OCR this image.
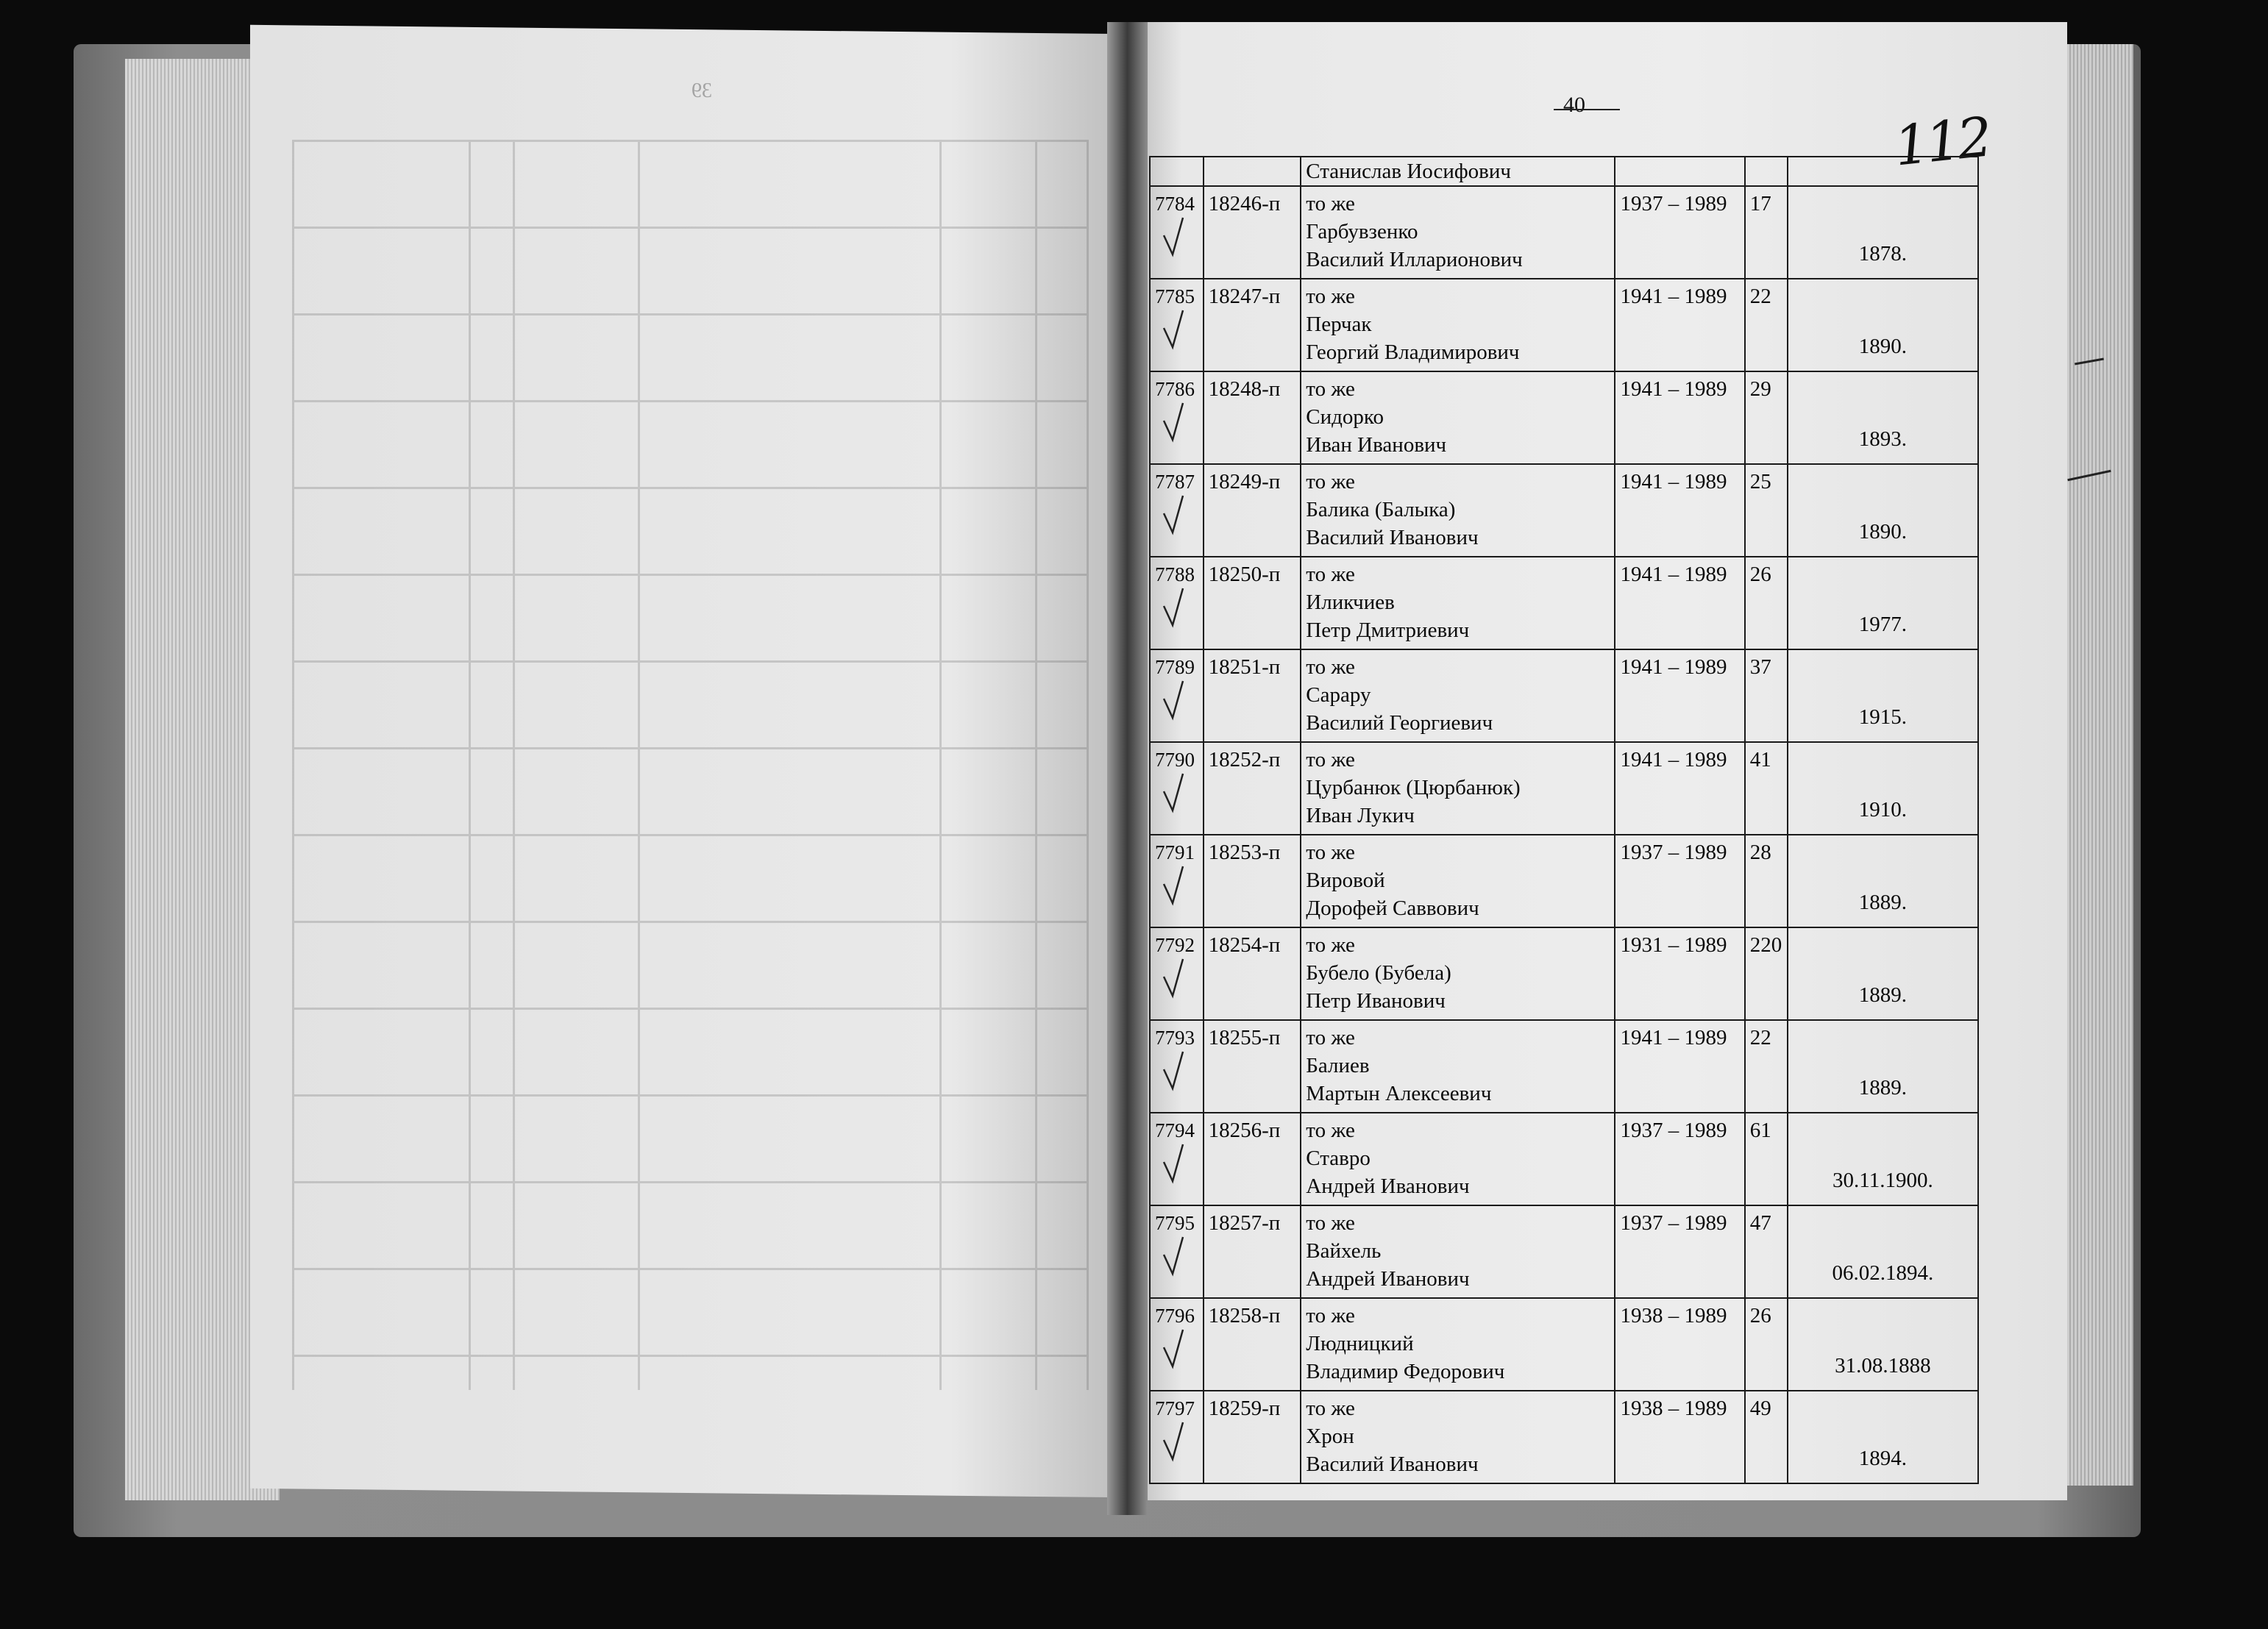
39
40
112
		Станислав Иосифович			
7784	18246-п	то же
Гарбувзенко
Василий Илларионович	1937 – 1989	17	1878.
7785	18247-п	то же
Перчак
Георгий Владимирович	1941 – 1989	22	1890.
7786	18248-п	то же
Сидорко
Иван Иванович	1941 – 1989	29	1893.
7787	18249-п	то же
Балика (Балыка)
Василий Иванович	1941 – 1989	25	1890.
7788	18250-п	то же
Иликчиев
Петр Дмитриевич	1941 – 1989	26	1977.
7789	18251-п	то же
Сарару
Василий Георгиевич	1941 – 1989	37	1915.
7790	18252-п	то же
Цурбанюк (Цюрбанюк)
Иван Лукич	1941 – 1989	41	1910.
7791	18253-п	то же
Вировой
Дорофей Саввович	1937 – 1989	28	1889.
7792	18254-п	то же
Бубело (Бубела)
Петр Иванович	1931 – 1989	220	1889.
7793	18255-п	то же
Балиев
Мартын Алексеевич	1941 – 1989	22	1889.
7794	18256-п	то же
Ставро
Андрей Иванович	1937 – 1989	61	30.11.1900.
7795	18257-п	то же
Вайхель
Андрей Иванович	1937 – 1989	47	06.02.1894.
7796	18258-п	то же
Людницкий
Владимир Федорович	1938 – 1989	26	31.08.1888
7797	18259-п	то же
Хрон
Василий Иванович	1938 – 1989	49	1894.
